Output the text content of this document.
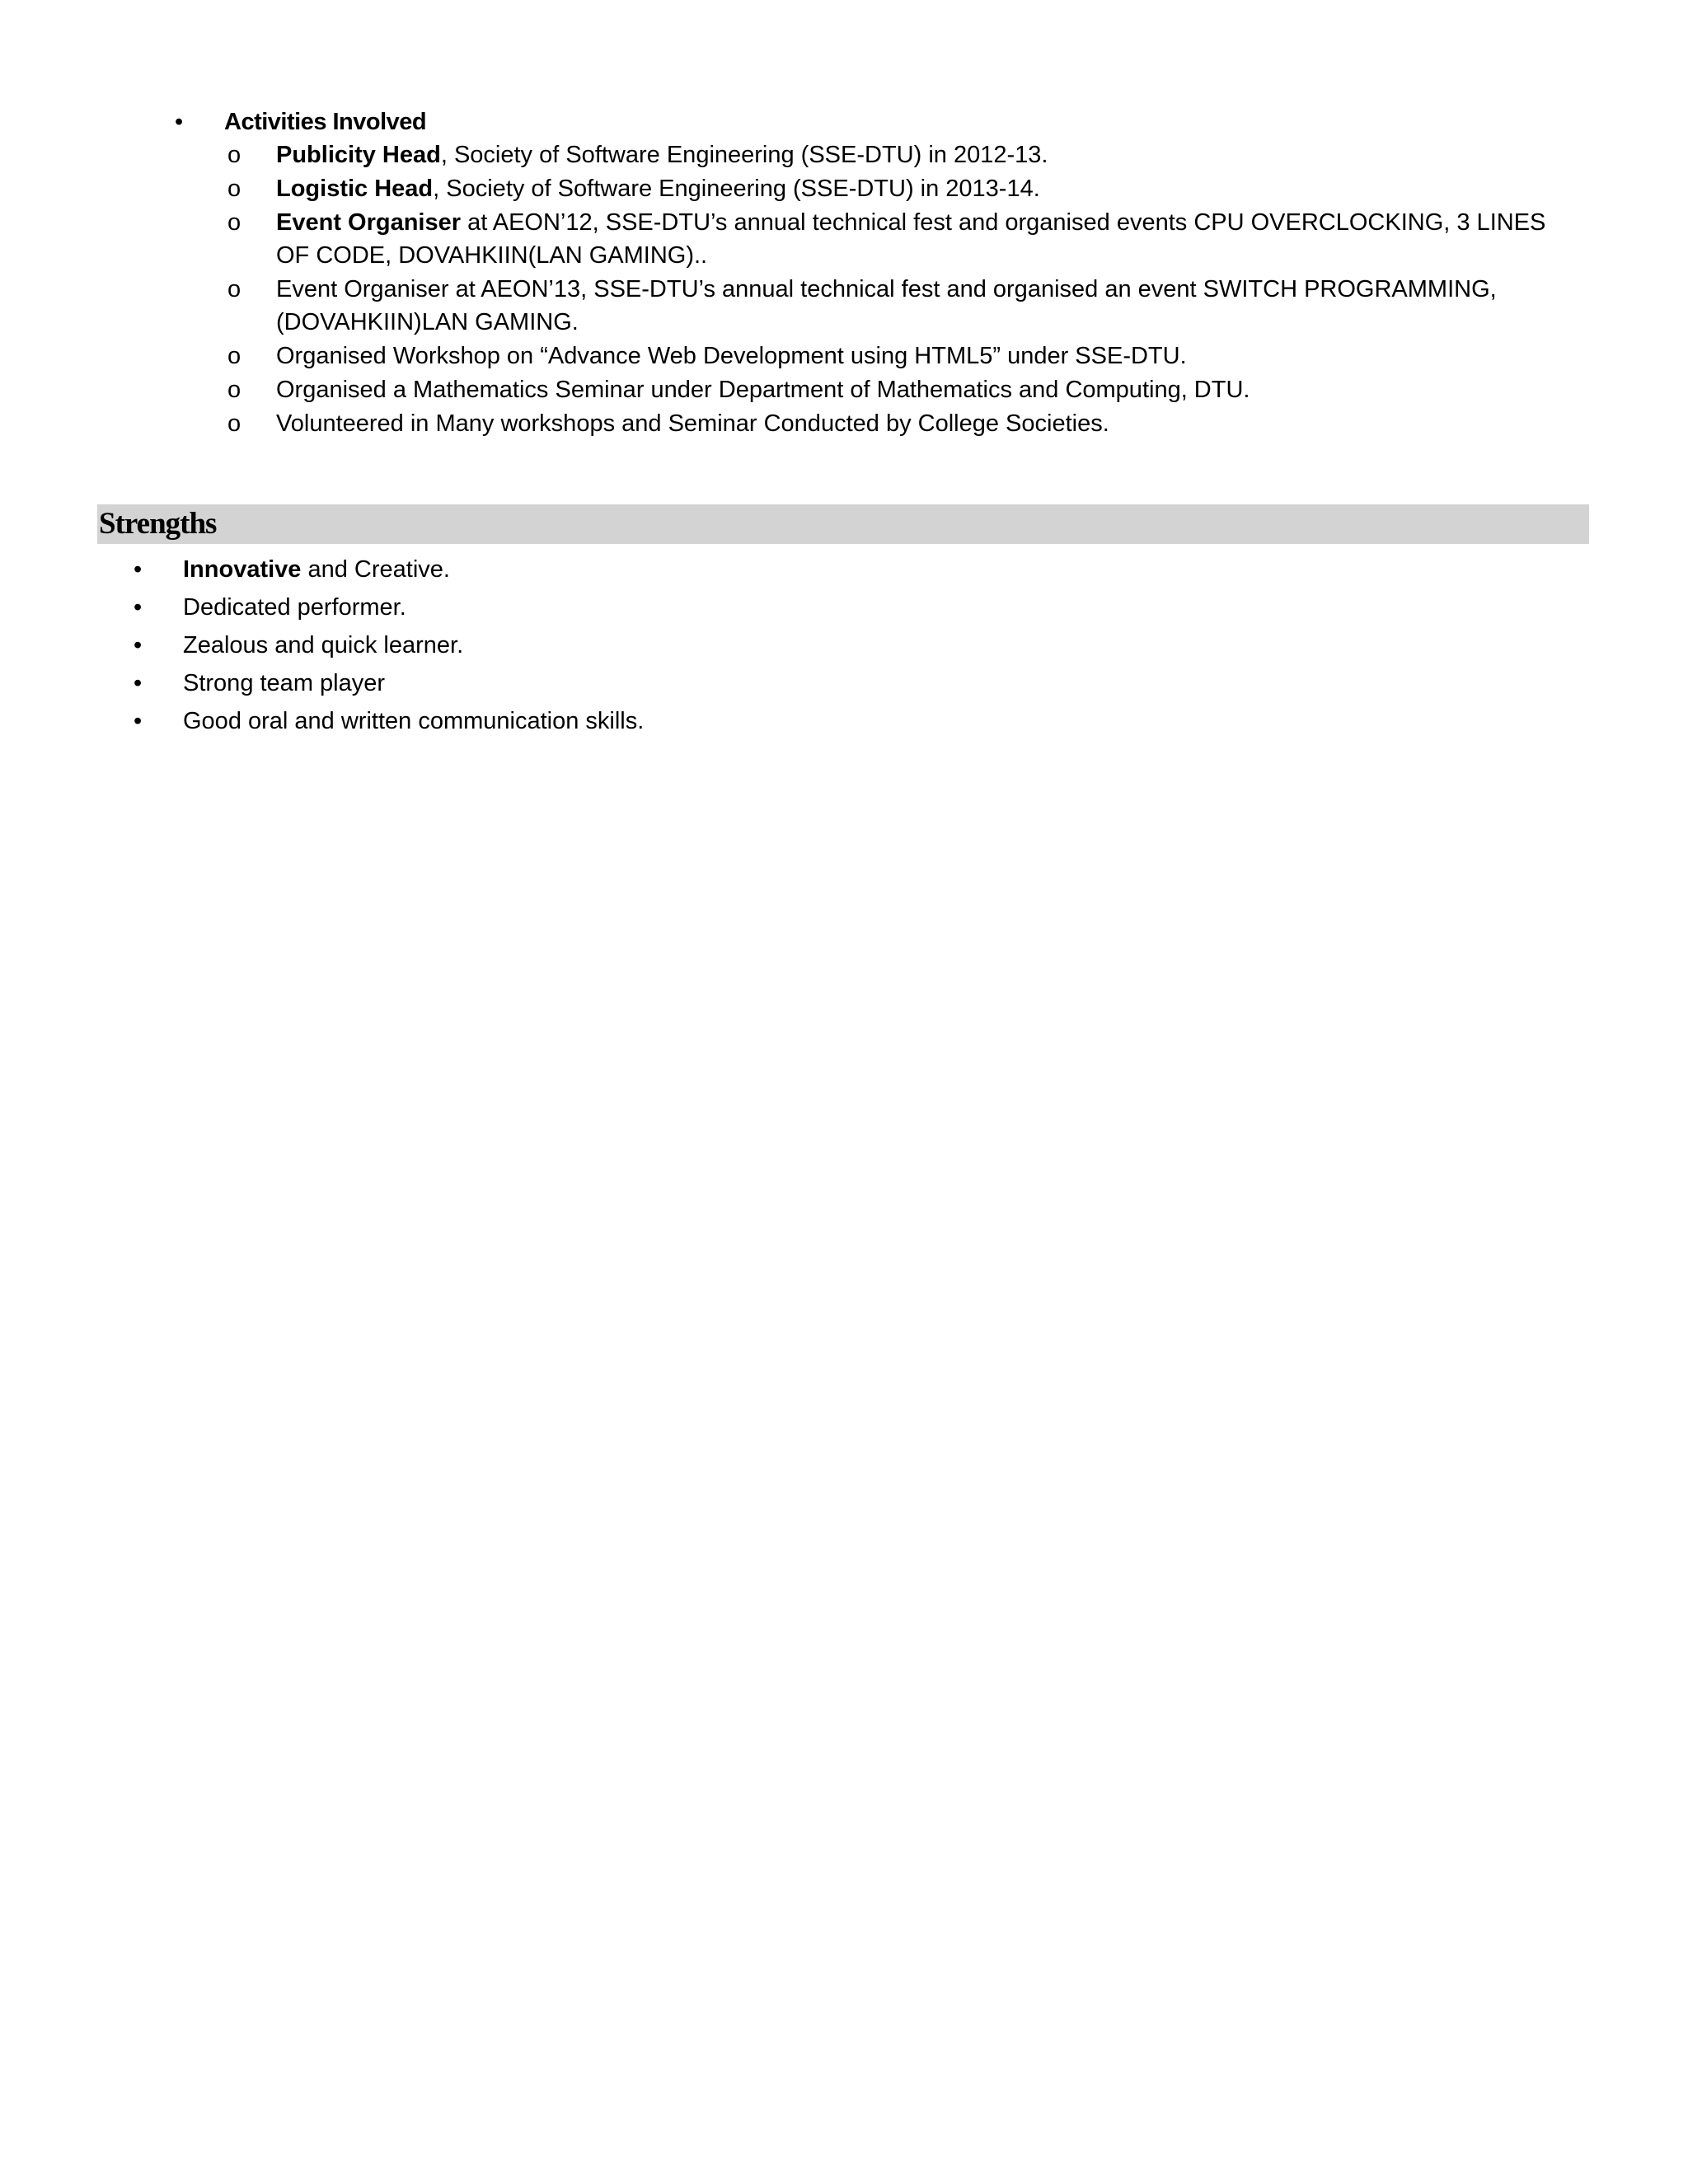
• Activities Involved
o Publicity Head, Society of Software Engineering (SSE-DTU) in 2012-13.
o Logistic Head, Society of Software Engineering (SSE-DTU) in 2013-14.
o Event Organiser at AEON’12, SSE-DTU’s annual technical fest and organised events CPU OVERCLOCKING, 3 LINES OF CODE, DOVAHKIIN(LAN GAMING)..
o Event Organiser at AEON’13, SSE-DTU’s annual technical fest and organised an event SWITCH PROGRAMMING, (DOVAHKIIN)LAN GAMING.
o Organised Workshop on “Advance Web Development using HTML5” under SSE-DTU.
o Organised a Mathematics Seminar under Department of Mathematics and Computing, DTU.
o Volunteered in Many workshops and Seminar Conducted by College Societies.
Strengths
• Innovative and Creative.
• Dedicated performer.
• Zealous and quick learner.
• Strong team player
• Good oral and written communication skills.
